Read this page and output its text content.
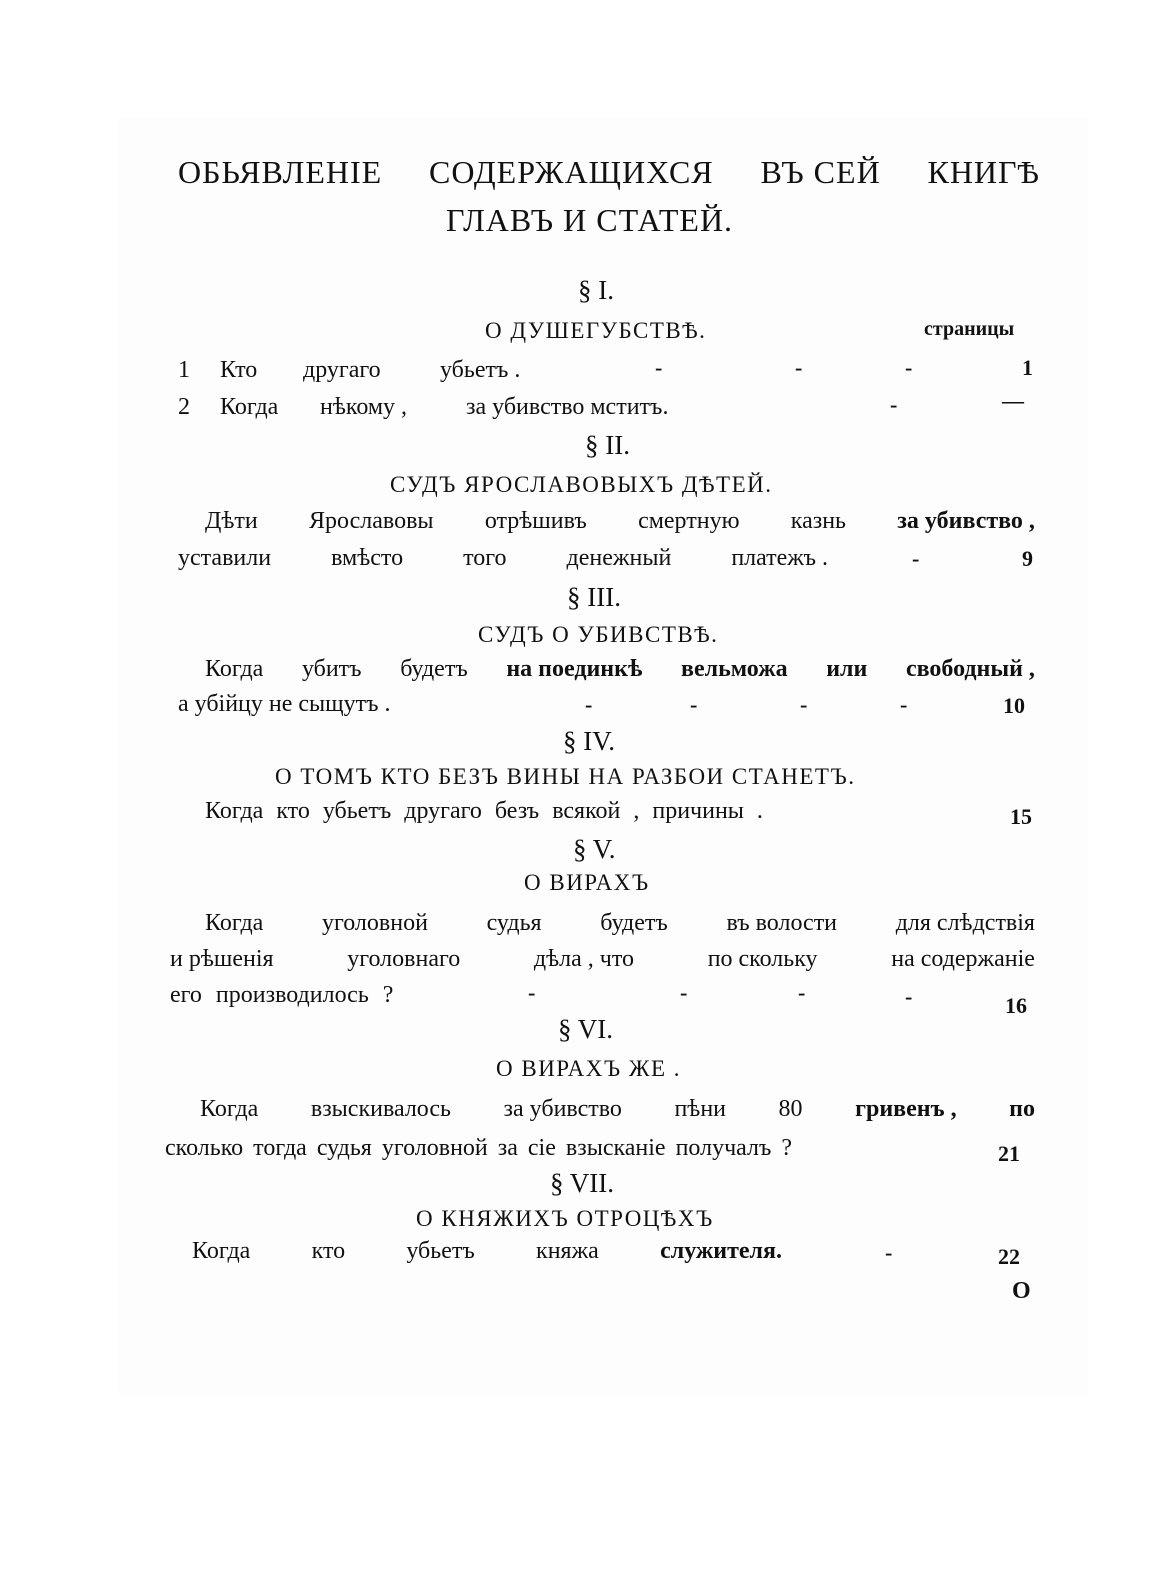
ОБЬЯВЛЕНІЕ СОДЕРЖАЩИХСЯ ВЪ СЕЙ КНИГѢ
ГЛАВЪ И СТАТЕЙ.
§ I.
О ДУШЕГУБСТВѢ.	страницы
1 Кто другаго убьетъ .	-	-	-	1
2 Когда нѣкому , за убивство мститъ.	-	—
§ II.
СУДЪ ЯРОСЛАВОВЫХЪ ДѢТЕЙ.
Дѣти Ярославовы отрѣшивъ смертную казнь за убивство ,
уставили	вмѣсто	того	денежный	платежъ .	-	9
§ III.
СУДЪ О УБИВСТВѢ.
Когда убитъ будетъ на поединкѣ вельможа или свободный ,
а убійцу не сыщутъ .	-	-	-	-	10
§ IV.
О ТОМЪ КТО БЕЗЪ ВИНЫ НА РАЗБОИ СТАНЕТЪ.
Когда кто убьетъ другаго безъ всякой , причины .	15
§ V.
О ВИРАХЪ
Когда уголовной судья будетъ въ волости для слѣдствія
и рѣшенія	уголовнаго	дѣла , что	по скольку	на содержаніе
его производилось ?	-	-	-	-	16
§ VI.
О ВИРАХЪ ЖЕ .
Когда взыскивалось за убивство пѣни 80 гривенъ , по
сколько тогда судья уголовной за сіе взысканіе получалъ ?	21
§ VII.
О КНЯЖИХЪ ОТРОЦѢХЪ
Когда	кто	убьетъ	княжа	служителя.	-	22
О
